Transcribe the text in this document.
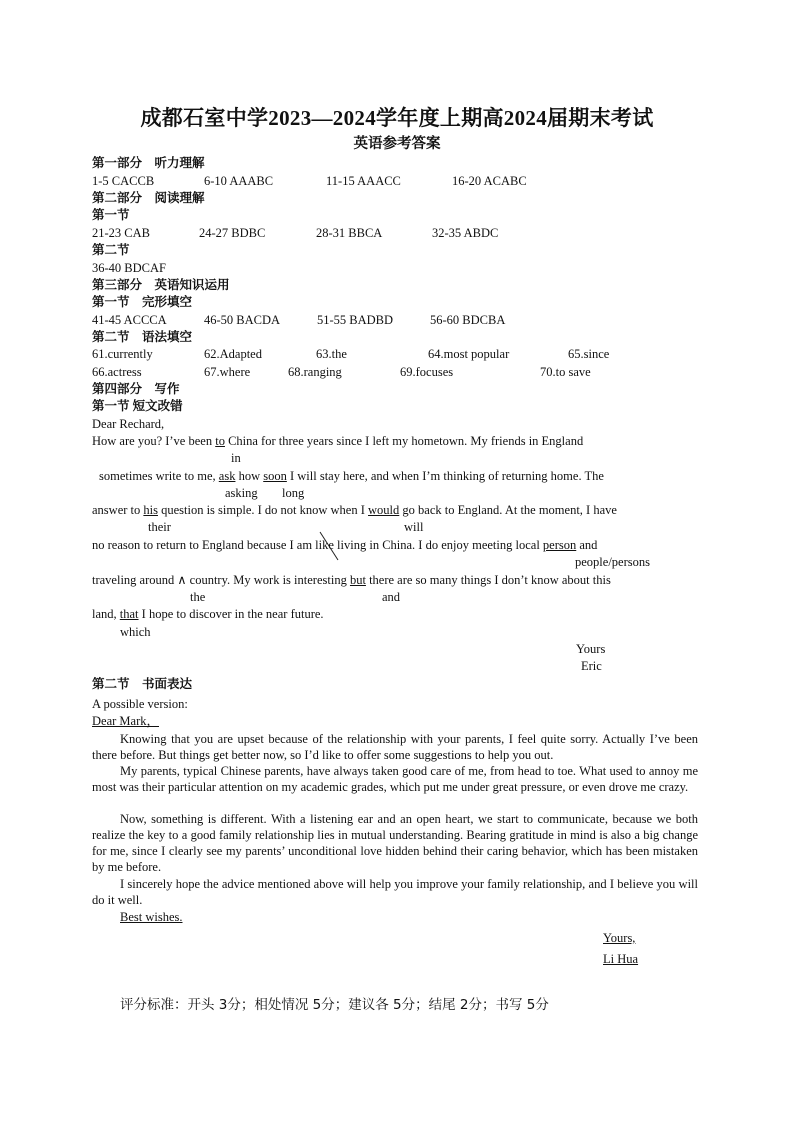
成都石室中学2023—2024学年度上期高2024届期末考试
英语参考答案
第一部分　听力理解
1-5 CACCB	6-10 AAABC	11-15 AAACC	16-20 ACABC
第二部分　阅读理解
第一节
21-23 CAB	24-27 BDBC	28-31 BBCA	32-35 ABDC
第二节
36-40 BDCAF
第三部分　英语知识运用
第一节　完形填空
41-45 ACCCA	46-50 BACDA	51-55 BADBD	56-60 BDCBA
第二节　语法填空
61.currently	62.Adapted	63.the	64.most popular	65.since
66.actress	67.where	68.ranging	69.focuses	70.to save
第四部分　写作
第一节 短文改错
Dear Rechard,
How are you? I’ve been to China for three years since I left my hometown. My friends in England
in
sometimes write to me, ask how soon I will stay here, and when I’m thinking of returning home. The
asking long
answer to his question is simple. I do not know when I would go back to England. At the moment, I have
their	will
no reason to return to England because I am like living in China. I do enjoy meeting local person and
people/persons
traveling around ∧ country. My work is interesting but there are so many things I don’t know about this
the	and
land, that I hope to discover in the near future.
which
Yours
Eric
第二节　书面表达
A possible version:
Dear Mark，
Knowing that you are upset because of the relationship with your parents, I feel quite sorry. Actually I’ve been there before. But things get better now, so I’d like to offer some suggestions to help you out.
My parents, typical Chinese parents, have always taken good care of me, from head to toe. What used to annoy me most was their particular attention on my academic grades, which put me under great pressure, or even drove me crazy.
Now, something is different. With a listening ear and an open heart, we start to communicate, because we both realize the key to a good family relationship lies in mutual understanding. Bearing gratitude in mind is also a big change for me, since I clearly see my parents’ unconditional love hidden behind their caring behavior, which has been mistaken by me before.
I sincerely hope the advice mentioned above will help you improve your family relationship, and I believe you will do it well.
Best wishes.
Yours,
Li Hua
评分标准：开头 3分；相处情况 5分；建议各 5分；结尾 2分；书写 5分
